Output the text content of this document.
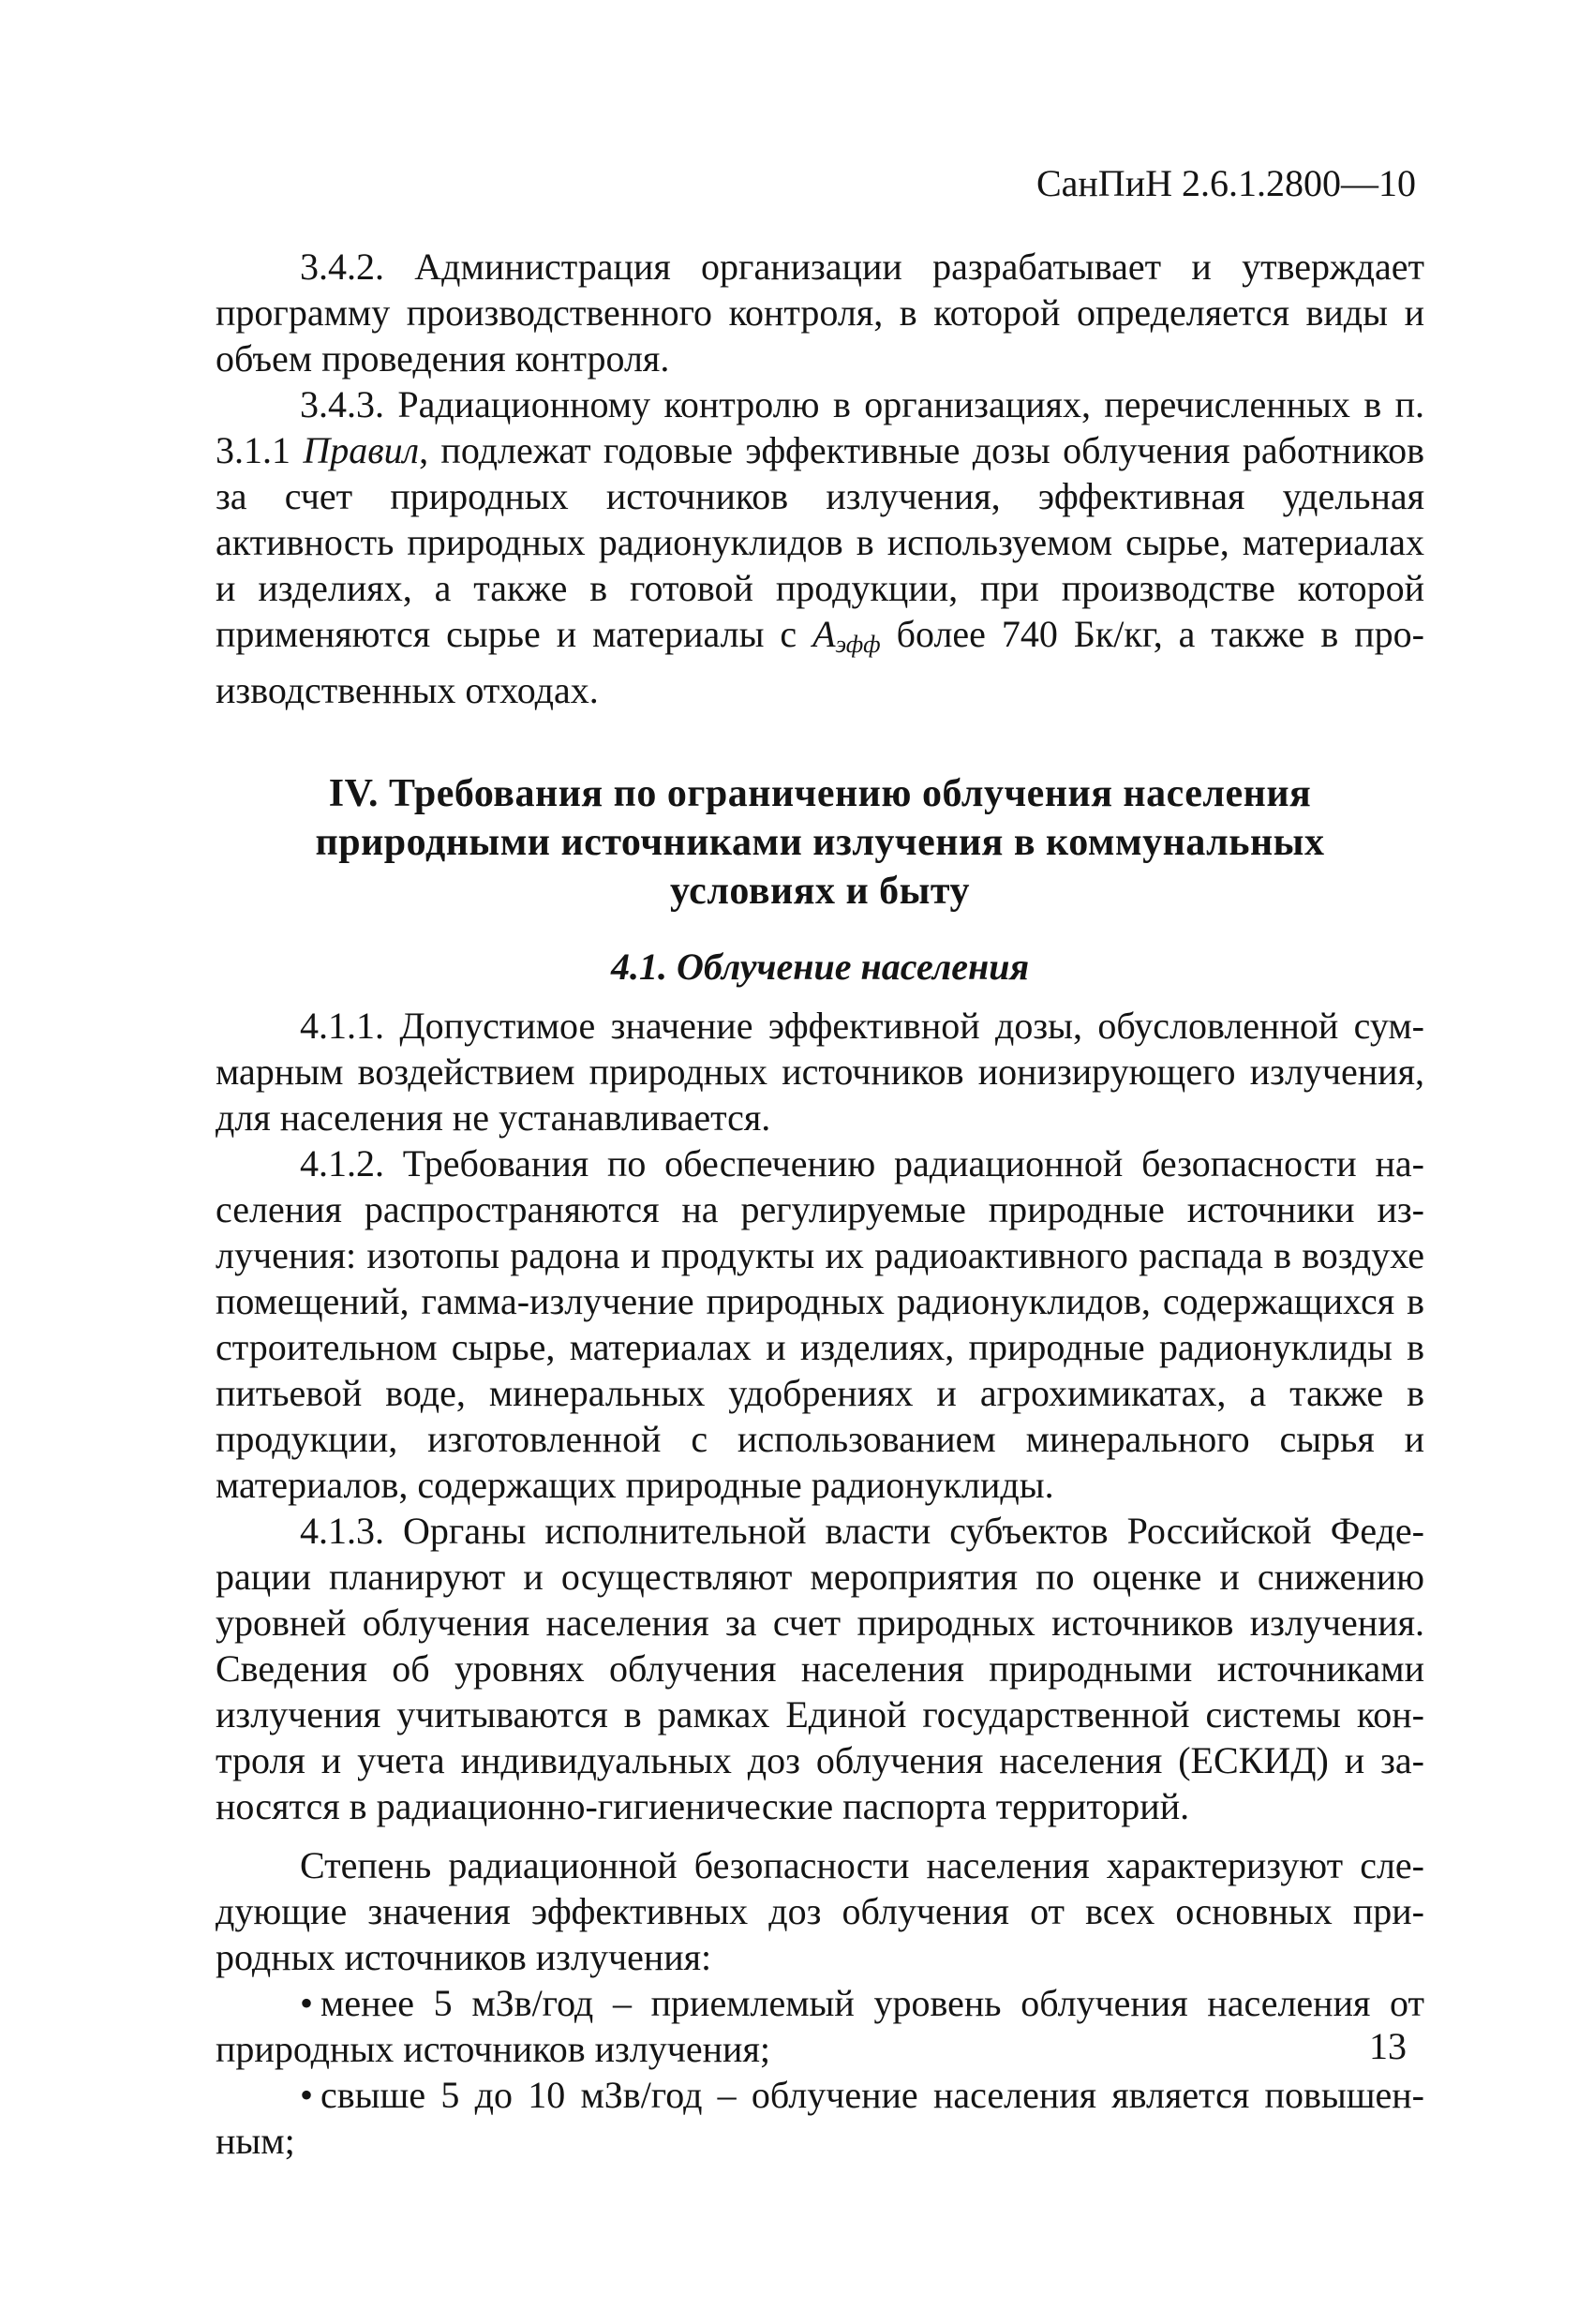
СанПиН 2.6.1.2800—10

3.4.2. Администрация организации разрабатывает и утверждает программу производственного контроля, в которой определяется виды и объем проведения контроля.

3.4.3. Радиационному контролю в организациях, перечисленных в п. 3.1.1 Правил, подлежат годовые эффективные дозы облучения работников за счет природных источников излучения, эффективная удельная активность природных радионуклидов в используемом сырье, материалах и изделиях, а также в готовой продукции, при производстве которой применяются сырье и материалы с $A_{эфф}$ более 740 Бк/кг, а также в производственных отходах.

IV. Требования по ограничению облучения населения природными источниками излучения в коммунальных условиях и быту
4.1. Облучение населения

4.1.1. Допустимое значение эффективной дозы, обусловленной суммарным воздействием природных источников ионизирующего излучения, для населения не устанавливается.

4.1.2. Требования по обеспечению радиационной безопасности населения распространяются на регулируемые природные источники излучения: изотопы радона и продукты их радиоактивного распада в воздухе помещений, гамма-излучение природных радионуклидов, содержащихся в строительном сырье, материалах и изделиях, природные радионуклиды в питьевой воде, минеральных удобрениях и агрохимикатах, а также в продукции, изготовленной с использованием минерального сырья и материалов, содержащих природные радионуклиды.

4.1.3. Органы исполнительной власти субъектов Российской Федерации планируют и осуществляют мероприятия по оценке и снижению уровней облучения населения за счет природных источников излучения. Сведения об уровнях облучения населения природными источниками излучения учитываются в рамках Единой государственной системы контроля и учета индивидуальных доз облучения населения (ЕСКИД) и заносятся в радиационно-гигиенические паспорта территорий.

Степень радиационной безопасности населения характеризуют следующие значения эффективных доз облучения от всех основных природных источников излучения:

• менее 5 мЗв/год – приемлемый уровень облучения населения от природных источников излучения;

• свыше 5 до 10 мЗв/год – облучение населения является повышенным;

13
